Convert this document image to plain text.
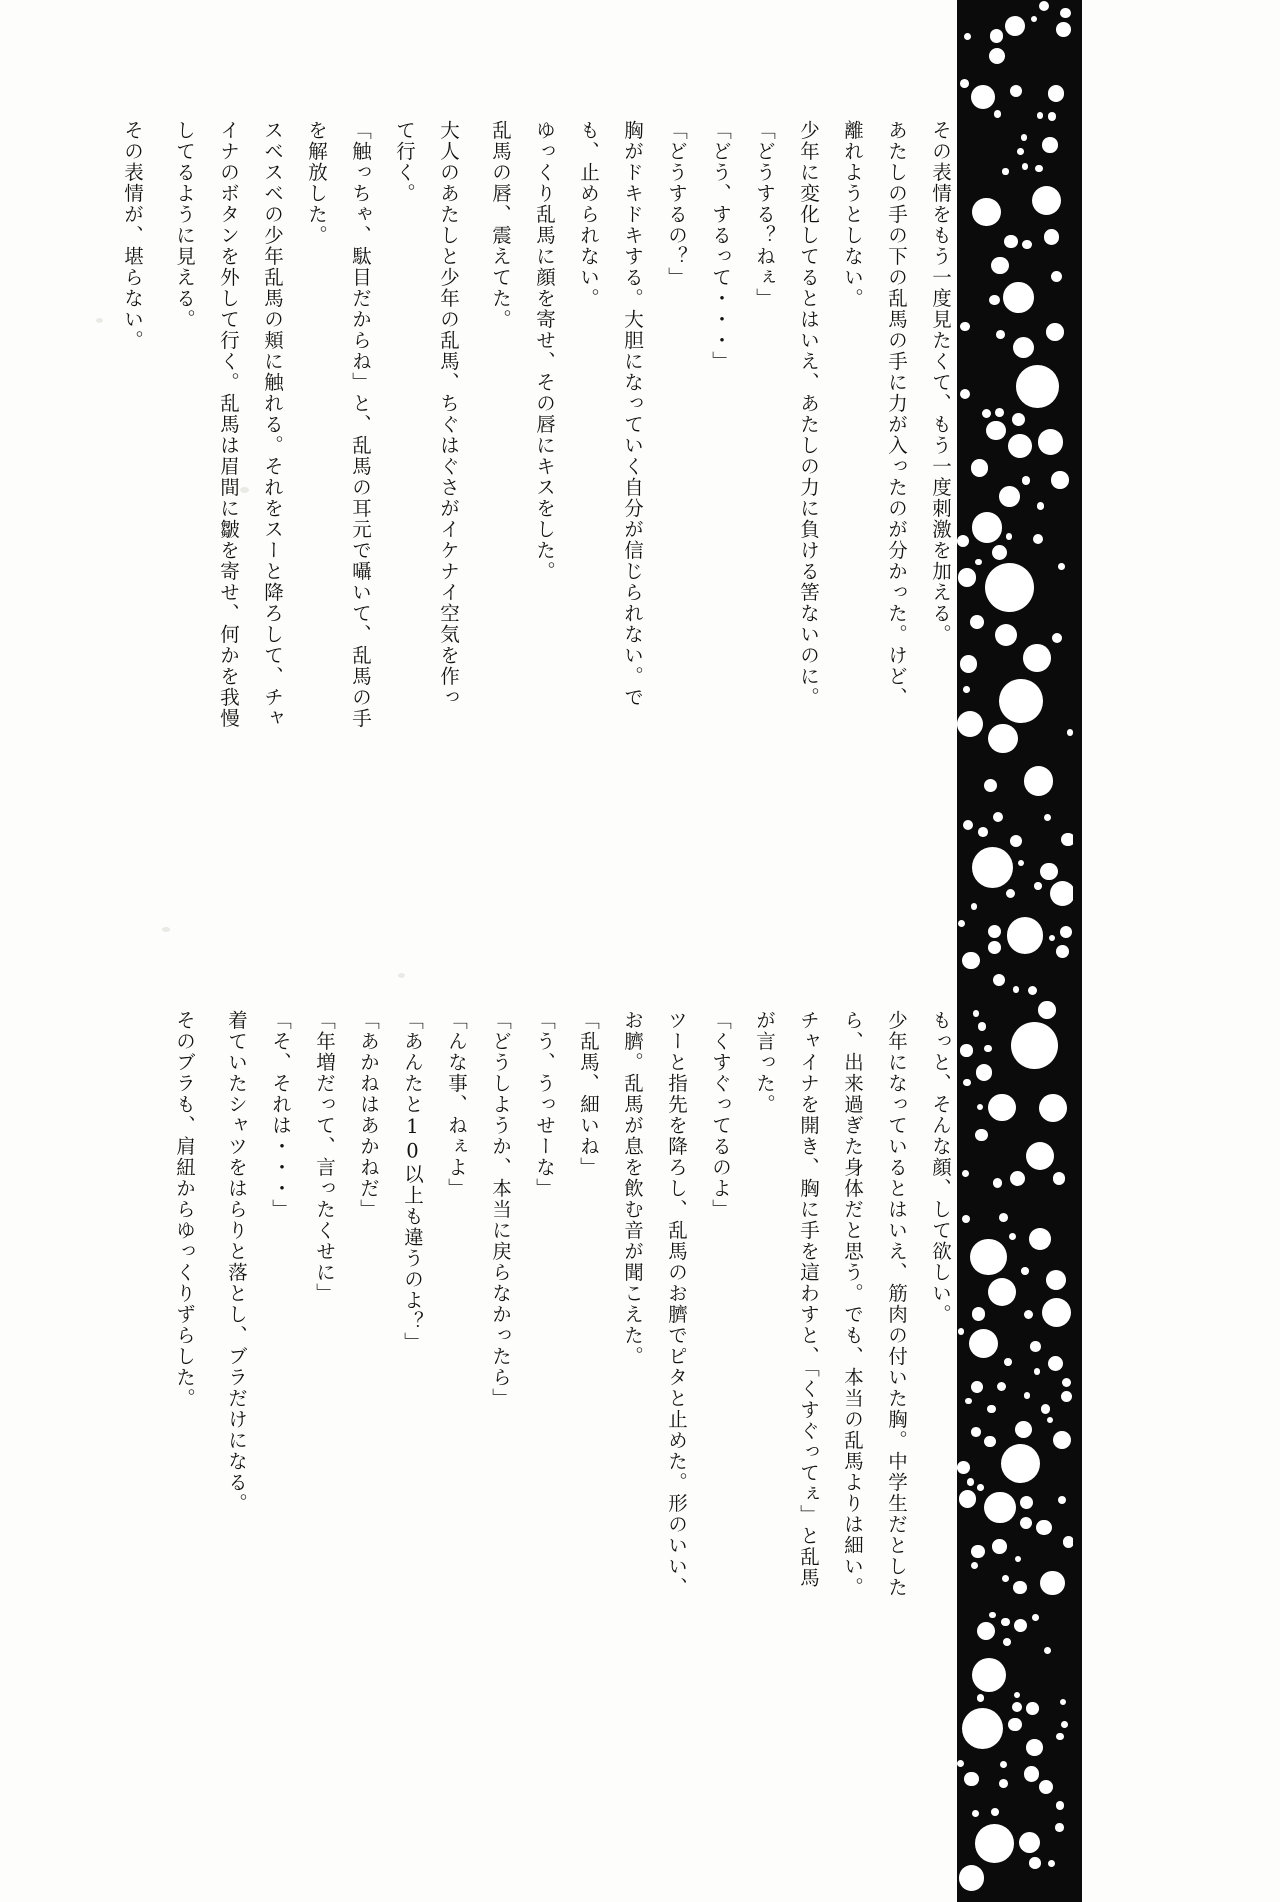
その表情をもう一度見たくて、もう一度刺激を加える。
あたしの手の下の乱馬の手に力が入ったのが分かった。けど、
離れようとしない。
少年に変化してるとはいえ、あたしの力に負ける筈ないのに。
「どうする？ねぇ」
「どう、するって・・・」
「どうするの？」
胸がドキドキする。大胆になっていく自分が信じられない。で
も、止められない。
ゆっくり乱馬に顔を寄せ、その唇にキスをした。
乱馬の唇、震えてた。
大人のあたしと少年の乱馬、ちぐはぐさがイケナイ空気を作っ
て行く。
「触っちゃ、駄目だからね」と、乱馬の耳元で囁いて、乱馬の手
を解放した。
スベスベの少年乱馬の頬に触れる。それをスーと降ろして、チャ
イナのボタンを外して行く。乱馬は眉間に皺を寄せ、何かを我慢
してるように見える。
その表情が、堪らない。
もっと、そんな顔、して欲しい。
少年になっているとはいえ、筋肉の付いた胸。中学生だとした
ら、出来過ぎた身体だと思う。でも、本当の乱馬よりは細い。
チャイナを開き、胸に手を這わすと、「くすぐってぇ」と乱馬
が言った。
「くすぐってるのよ」
ツーと指先を降ろし、乱馬のお臍でピタと止めた。形のいい、
お臍。乱馬が息を飲む音が聞こえた。
「乱馬、細いね」
「う、うっせーな」
「どうしようか、本当に戻らなかったら」
「んな事、ねぇよ」
「あんたと10以上も違うのよ？」
「あかねはあかねだ」
「年増だって、言ったくせに」
「そ、それは・・・」
着ていたシャツをはらりと落とし、ブラだけになる。
そのブラも、肩紐からゆっくりずらした。
